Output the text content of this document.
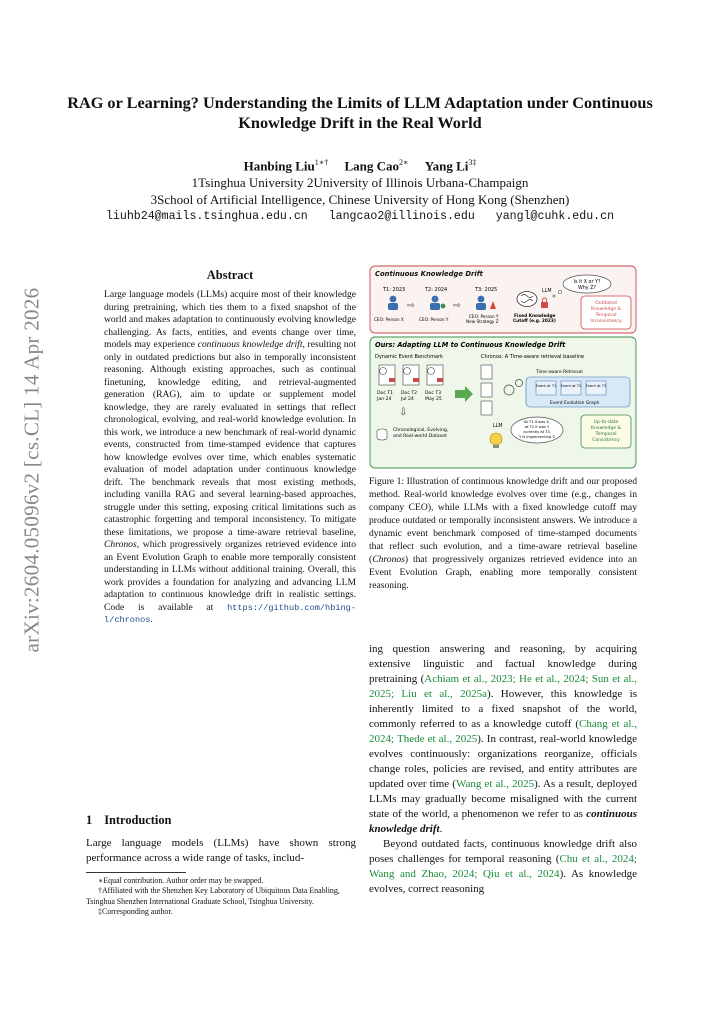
arXiv:2604.05096v2 [cs.CL] 14 Apr 2026
RAG or Learning? Understanding the Limits of LLM Adaptation under Continuous Knowledge Drift in the Real World
Hanbing Liu$^{1∗\dagger}$ Lang Cao$^{2∗}$ Yang $Li^{3\ddagger}$
1Tsinghua University 2University of Illinois Urbana-Champaign
3School of Artificial Intelligence, Chinese University of Hong Kong (Shenzhen)
liuhb24@mails.tsinghua.edu.cn langcao2@illinois.edu yangl@cuhk.edu.cn
Abstract
Large language models (LLMs) acquire most of their knowledge during pretraining, which ties them to a fixed snapshot of the world and makes adaptation to continuously evolving knowledge challenging. As facts, entities, and events change over time, models may experience continuous knowledge drift, resulting not only in outdated predictions but also in temporally inconsistent reasoning. Although existing approaches, such as continual finetuning, knowledge editing, and retrieval-augmented generation (RAG), aim to update or supplement model knowledge, they are rarely evaluated in settings that reflect chronological, evolving, and real-world knowledge evolution. In this work, we introduce a new benchmark of real-world dynamic events, constructed from time-stamped evidence that captures how knowledge evolves over time, which enables systematic evaluation of model adaptation under continuous knowledge drift. The benchmark reveals that most existing methods, including vanilla RAG and several learning-based approaches, struggle under this setting, exposing critical limitations such as catastrophic forgetting and temporal inconsistency. To mitigate these limitations, we propose a time-aware retrieval baseline, Chronos, which progressively organizes retrieved evidence into an Event Evolution Graph to enable more temporally consistent understanding in LLMs without additional training. Overall, this work provides a foundation for analyzing and advancing LLM adaptation to continuous knowledge drift in realistic settings. Code is available at https://github.com/hbing-l/chronos.
1 Introduction
Large language models (LLMs) have shown strong performance across a wide range of tasks, includ-

∗Equal contribution. Author order may be swapped.

†Affiliated with the Shenzhen Key Laboratory of Ubiquitous Data Enabling, Tsinghua Shenzhen International Graduate School, Tsinghua University.

‡Corresponding author.

Continuous Knowledge Drift
T1: 2023	T2: 2024	T3: 2025
⇨	⇨
CEO: Person X	CEO: Person Y
CEO: Person Y
New Strategy Z
LLM
Fixed Knowledge
Cutoff (e.g. 2023)
Is it X or Y?
Why Z?
Outdated
Knowledge &
Temporal
Inconsistency
Ours: Adapting LLM to Continuous Knowledge Drift
Dynamic Event Benchmark	Chronos: A Time-aware retrieval baseline
Doc T1
Jan 24
Doc T2
Jul 24
Doc T3
May 25
⇩
Chronological, Evolving,
and Real-world Dataset
Time-aware Retrieval
Event at T1 Event at T2 Event at T3
Event Evolution Graph
LLM
At T1 it was X,
at T2 it was Y
currently at T3,
Y is implementing Z
Up-to-date
Knowledge &
Temporal
Consistency
Figure 1: Illustration of continuous knowledge drift and our proposed method. Real-world knowledge evolves over time (e.g., changes in company CEO), while LLMs with a fixed knowledge cutoff may produce outdated or temporally inconsistent answers. We introduce a dynamic event benchmark composed of time-stamped documents that reflect such evolution, and a time-aware retrieval baseline (Chronos) that progressively organizes retrieved evidence into an Event Evolution Graph, enabling more temporally consistent reasoning.

ing question answering and reasoning, by acquiring extensive linguistic and factual knowledge during pretraining (Achiam et al., 2023; He et al., 2024; Sun et al., 2025; Liu et al., 2025a). However, this knowledge is inherently limited to a fixed snapshot of the world, commonly referred to as a knowledge cutoff (Chang et al., 2024; Thede et al., 2025). In contrast, real-world knowledge evolves continuously: organizations reorganize, officials change roles, policies are revised, and entity attributes are updated over time (Wang et al., 2025). As a result, deployed LLMs may gradually become misaligned with the current state of the world, a phenomenon we refer to as continuous knowledge drift.

Beyond outdated facts, continuous knowledge drift also poses challenges for temporal reasoning (Chu et al., 2024; Wang and Zhao, 2024; Qiu et al., 2024). As knowledge evolves, correct reasoning
